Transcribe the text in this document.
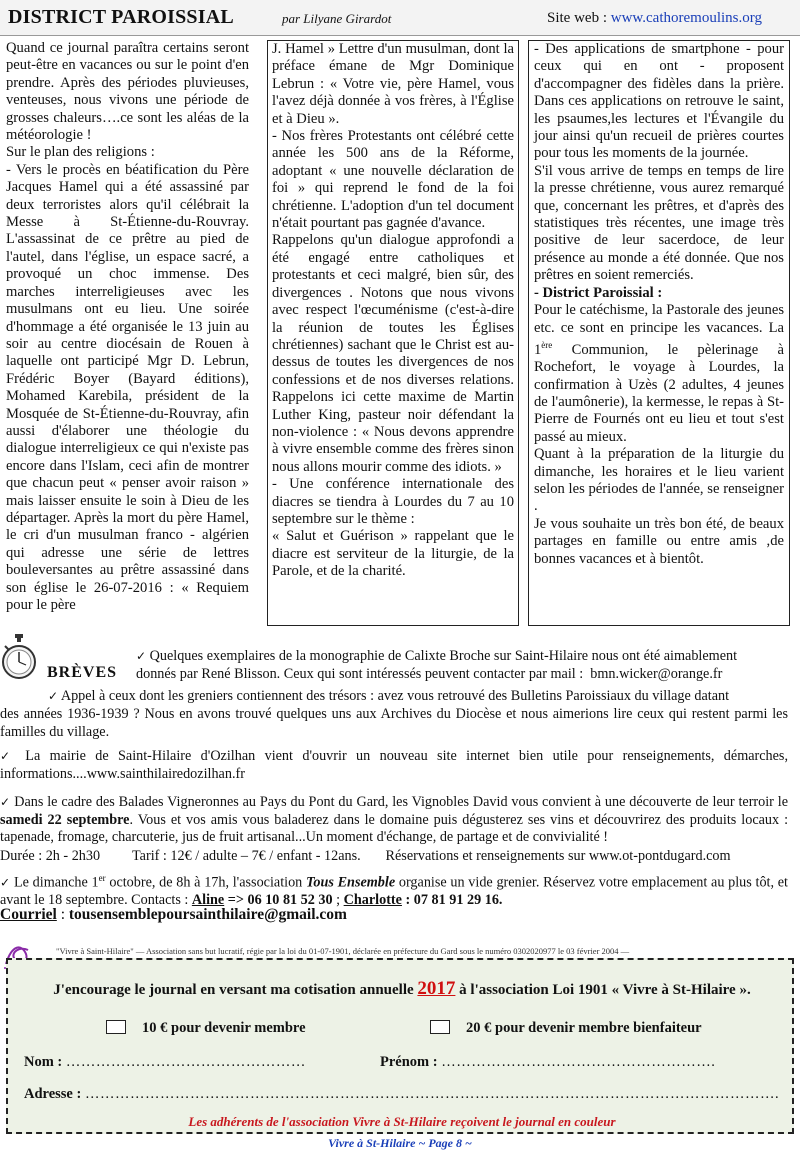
DISTRICT PAROISSIAL	par Lilyane Girardot	Site web : www.cathoremoulins.org

Quand ce journal paraîtra certains seront peut-être en vacances ou sur le point d'en prendre. Après des périodes pluvieuses, venteuses, nous vivons une période de grosses chaleurs….ce sont les aléas de la météorologie !

Sur le plan des religions :

- Vers le procès en béatification du Père Jacques Hamel qui a été assassiné par deux terroristes alors qu'il célébrait la Messe à St-Étienne-du-Rouvray. L'assassinat de ce prêtre au pied de l'autel, dans l'église, un espace sacré, a provoqué un choc immense. Des marches interreligieuses avec les musulmans ont eu lieu. Une soirée d'hommage a été organisée le 13 juin au soir au centre diocésain de Rouen à laquelle ont participé Mgr D. Lebrun, Frédéric Boyer (Bayard éditions), Mohamed Karebila, président de la Mosquée de St-Étienne-du-Rouvray, afin aussi d'élaborer une théologie du dialogue interreligieux ce qui n'existe pas encore dans l'Islam, ceci afin de montrer que chacun peut « penser avoir raison » mais laisser ensuite le soin à Dieu de les départager. Après la mort du père Hamel, le cri d'un musulman franco - algérien qui adresse une série de lettres bouleversantes au prêtre assassiné dans son église le 26-07-2016 : « Requiem pour le père

J. Hamel » Lettre d'un musulman, dont la préface émane de Mgr Dominique Lebrun : « Votre vie, père Hamel, vous l'avez déjà donnée à vos frères, à l'Église et à Dieu ».

- Nos frères Protestants ont célébré cette année les 500 ans de la Réforme, adoptant « une nouvelle déclaration de foi » qui reprend le fond de la foi chrétienne. L'adoption d'un tel document n'était pourtant pas gagnée d'avance.

Rappelons qu'un dialogue approfondi a été engagé entre catholiques et protestants et ceci malgré, bien sûr, des divergences . Notons que nous vivons avec respect l'œcuménisme (c'est-à-dire la réunion de toutes les Églises chrétiennes) sachant que le Christ est au-dessus de toutes les divergences de nos confessions et de nos diverses relations. Rappelons ici cette maxime de Martin Luther King, pasteur noir défendant la non-violence : « Nous devons apprendre à vivre ensemble comme des frères sinon nous allons mourir comme des idiots. »

- Une conférence internationale des diacres se tiendra à Lourdes du 7 au 10 septembre sur le thème :

« Salut et Guérison » rappelant que le diacre est serviteur de la liturgie, de la Parole, et de la charité.

- Des applications de smartphone - pour ceux qui en ont - proposent d'accompagner des fidèles dans la prière. Dans ces applications on retrouve le saint, les psaumes,les lectures et l'Évangile du jour ainsi qu'un recueil de prières courtes pour tous les moments de la journée.

S'il vous arrive de temps en temps de lire la presse chrétienne, vous aurez remarqué que, concernant les prêtres, et d'après des statistiques très récentes, une image très positive de leur sacerdoce, de leur présence au monde a été donnée. Que nos prêtres en soient remerciés.

- District Paroissial :

Pour le catéchisme, la Pastorale des jeunes etc. ce sont en principe les vacances. La 1ère Communion, le pèlerinage à Rochefort, le voyage à Lourdes, la confirmation à Uzès (2 adultes, 4 jeunes de l'aumônerie), la kermesse, le repas à St-Pierre de Fournés ont eu lieu et tout s'est passé au mieux.

Quant à la préparation de la liturgie du dimanche, les horaires et le lieu varient selon les périodes de l'année, se renseigner .

Je vous souhaite un très bon été, de beaux partages en famille ou entre amis ,de bonnes vacances et à bientôt.

BRÈVES
✓ Quelques exemplaires de la monographie de Calixte Broche sur Saint-Hilaire nous ont été aimablement
donnés par René Blisson. Ceux qui sont intéressés peuvent contacter par mail : bmn.wicker@orange.fr
✓ Appel à ceux dont les greniers contiennent des trésors : avez vous retrouvé des Bulletins Paroissiaux du village datant
des années 1936-1939 ? Nous en avons trouvé quelques uns aux Archives du Diocèse et nous aimerions lire ceux qui restent parmi les familles du village.
✓ La mairie de Saint-Hilaire d'Ozilhan vient d'ouvrir un nouveau site internet bien utile pour renseignements, démarches, informations....www.sainthilairedozilhan.fr
✓ Dans le cadre des Balades Vigneronnes au Pays du Pont du Gard, les Vignobles David vous convient à une découverte de leur terroir le samedi 22 septembre. Vous et vos amis vous baladerez dans le domaine puis dégusterez ses vins et découvrirez des produits locaux : tapenade, fromage, charcuterie, jus de fruit artisanal...Un moment d'échange, de partage et de convivialité !
Durée : 2h - 2h30 Tarif : 12€ / adulte – 7€ / enfant - 12ans. Réservations et renseignements sur www.ot-pontdugard.com
✓ Le dimanche 1er octobre, de 8h à 17h, l'association Tous Ensemble organise un vide grenier. Réservez votre emplacement au plus tôt, et avant le 18 septembre. Contacts : Aline => 06 10 81 52 30 ; Charlotte : 07 81 91 29 16.
Courriel : tousensemblepoursainthilaire@gmail.com
"Vivre à Saint-Hilaire" — Association sans but lucratif, régie par la loi du 01-07-1901, déclarée en préfecture du Gard sous le numéro 0302020977 le 03 février 2004 —
J'encourage le journal en versant ma cotisation annuelle 2017 à l'association Loi 1901 « Vivre à St-Hilaire ».
10 € pour devenir membre	20 € pour devenir membre bienfaiteur
Nom : …………………………………………	Prénom : ……………………………………………….
Adresse : ………………………………………………………………………………………………………………………….
Les adhérents de l'association Vivre à St-Hilaire reçoivent le journal en couleur
Vivre à St-Hilaire ~ Page 8 ~
